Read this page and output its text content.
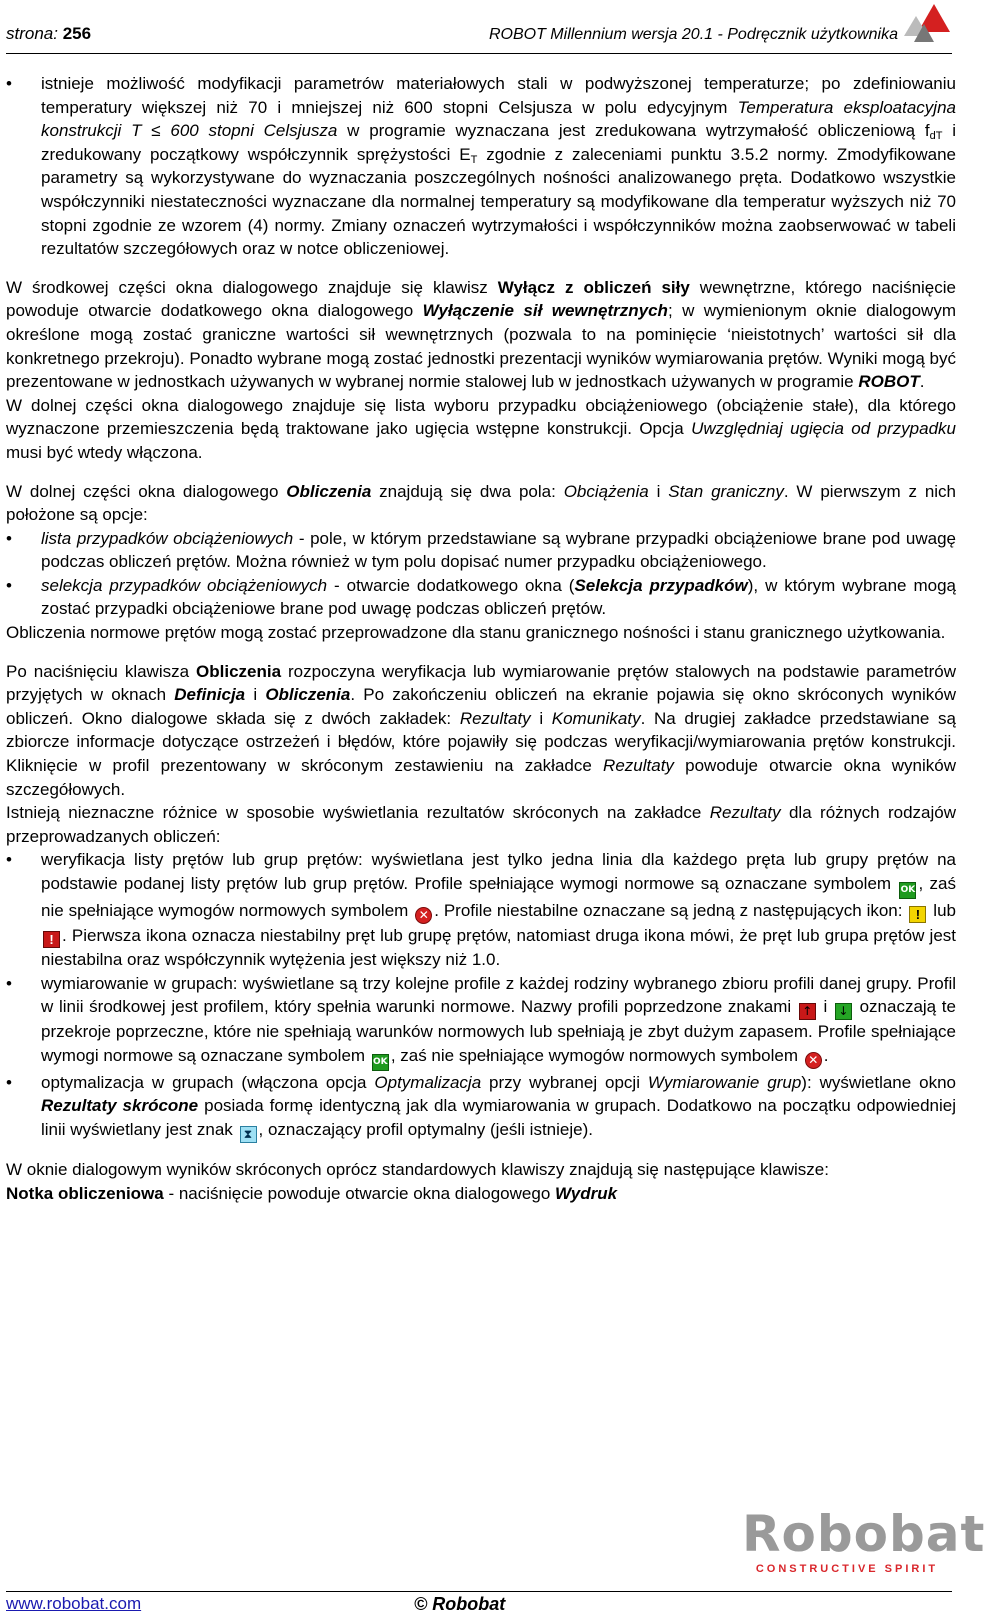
strona: 256	ROBOT Millennium wersja 20.1 - Podręcznik użytkownika

• istnieje możliwość modyfikacji parametrów materiałowych stali w podwyższonej temperaturze; po zdefiniowaniu temperatury większej niż 70 i mniejszej niż 600 stopni Celsjusza w polu edycyjnym Temperatura eksploatacyjna konstrukcji T ≤ 600 stopni Celsjusza w programie wyznaczana jest zredukowana wytrzymałość obliczeniową $f_{dT}$ i zredukowany początkowy współczynnik sprężystości $E_T$ zgodnie z zaleceniami punktu 3.5.2 normy. Zmodyfikowane parametry są wykorzystywane do wyznaczania poszczególnych nośności analizowanego pręta. Dodatkowo wszystkie współczynniki niestateczności wyznaczane dla normalnej temperatury są modyfikowane dla temperatur wyższych niż 70 stopni zgodnie ze wzorem (4) normy. Zmiany oznaczeń wytrzymałości i współczynników można zaobserwować w tabeli rezultatów szczegółowych oraz w notce obliczeniowej.

W środkowej części okna dialogowego znajduje się klawisz Wyłącz z obliczeń siły wewnętrzne, którego naciśnięcie powoduje otwarcie dodatkowego okna dialogowego Wyłączenie sił wewnętrznych; w wymienionym oknie dialogowym określone mogą zostać graniczne wartości sił wewnętrznych (pozwala to na pominięcie ‘nieistotnych’ wartości sił dla konkretnego przekroju). Ponadto wybrane mogą zostać jednostki prezentacji wyników wymiarowania prętów. Wyniki mogą być prezentowane w jednostkach używanych w wybranej normie stalowej lub w jednostkach używanych w programie ROBOT.

W dolnej części okna dialogowego znajduje się lista wyboru przypadku obciążeniowego (obciążenie stałe), dla którego wyznaczone przemieszczenia będą traktowane jako ugięcia wstępne konstrukcji. Opcja Uwzględniaj ugięcia od przypadku musi być wtedy włączona.

W dolnej części okna dialogowego Obliczenia znajdują się dwa pola: Obciążenia i Stan graniczny. W pierwszym z nich położone są opcje:

• lista przypadków obciążeniowych - pole, w którym przedstawiane są wybrane przypadki obciążeniowe brane pod uwagę podczas obliczeń prętów. Można również w tym polu dopisać numer przypadku obciążeniowego.

• selekcja przypadków obciążeniowych - otwarcie dodatkowego okna (Selekcja przypadków), w którym wybrane mogą zostać przypadki obciążeniowe brane pod uwagę podczas obliczeń prętów.

Obliczenia normowe prętów mogą zostać przeprowadzone dla stanu granicznego nośności i stanu granicznego użytkowania.

Po naciśnięciu klawisza Obliczenia rozpoczyna weryfikacja lub wymiarowanie prętów stalowych na podstawie parametrów przyjętych w oknach Definicja i Obliczenia. Po zakończeniu obliczeń na ekranie pojawia się okno skróconych wyników obliczeń. Okno dialogowe składa się z dwóch zakładek: Rezultaty i Komunikaty. Na drugiej zakładce przedstawiane są zbiorcze informacje dotyczące ostrzeżeń i błędów, które pojawiły się podczas weryfikacji/wymiarowania prętów konstrukcji. Kliknięcie w profil prezentowany w skróconym zestawieniu na zakładce Rezultaty powoduje otwarcie okna wyników szczegółowych.

Istnieją nieznaczne różnice w sposobie wyświetlania rezultatów skróconych na zakładce Rezultaty dla różnych rodzajów przeprowadzanych obliczeń:

• weryfikacja listy prętów lub grup prętów: wyświetlana jest tylko jedna linia dla każdego pręta lub grupy prętów na podstawie podanej listy prętów lub grup prętów. Profile spełniające wymogi normowe są oznaczane symbolem OK , zaś nie spełniające wymogów normowych symbolem ✕ . Profile niestabilne oznaczane są jedną z następujących ikon: ! lub ! . Pierwsza ikona oznacza niestabilny pręt lub grupę prętów, natomiast druga ikona mówi, że pręt lub grupa prętów jest niestabilna oraz współczynnik wytężenia jest większy niż 1.0.

• wymiarowanie w grupach: wyświetlane są trzy kolejne profile z każdej rodziny wybranego zbioru profili danej grupy. Profil w linii środkowej jest profilem, który spełnia warunki normowe. Nazwy profili poprzedzone znakami ↑ i ↓ oznaczają te przekroje poprzeczne, które nie spełniają warunków normowych lub spełniają je zbyt dużym zapasem. Profile spełniające wymogi normowe są oznaczane symbolem OK , zaś nie spełniające wymogów normowych symbolem ✕ .

• optymalizacja w grupach (włączona opcja Optymalizacja przy wybranej opcji Wymiarowanie grup): wyświetlane okno Rezultaty skrócone posiada formę identyczną jak dla wymiarowania w grupach. Dodatkowo na początku odpowiedniej linii wyświetlany jest znak ⧗ , oznaczający profil optymalny (jeśli istnieje).

W oknie dialogowym wyników skróconych oprócz standardowych klawiszy znajdują się następujące klawisze:

Notka obliczeniowa - naciśnięcie powoduje otwarcie okna dialogowego Wydruk

Robobat
CONSTRUCTIVE SPIRIT
www.robobat.com	© Robobat
